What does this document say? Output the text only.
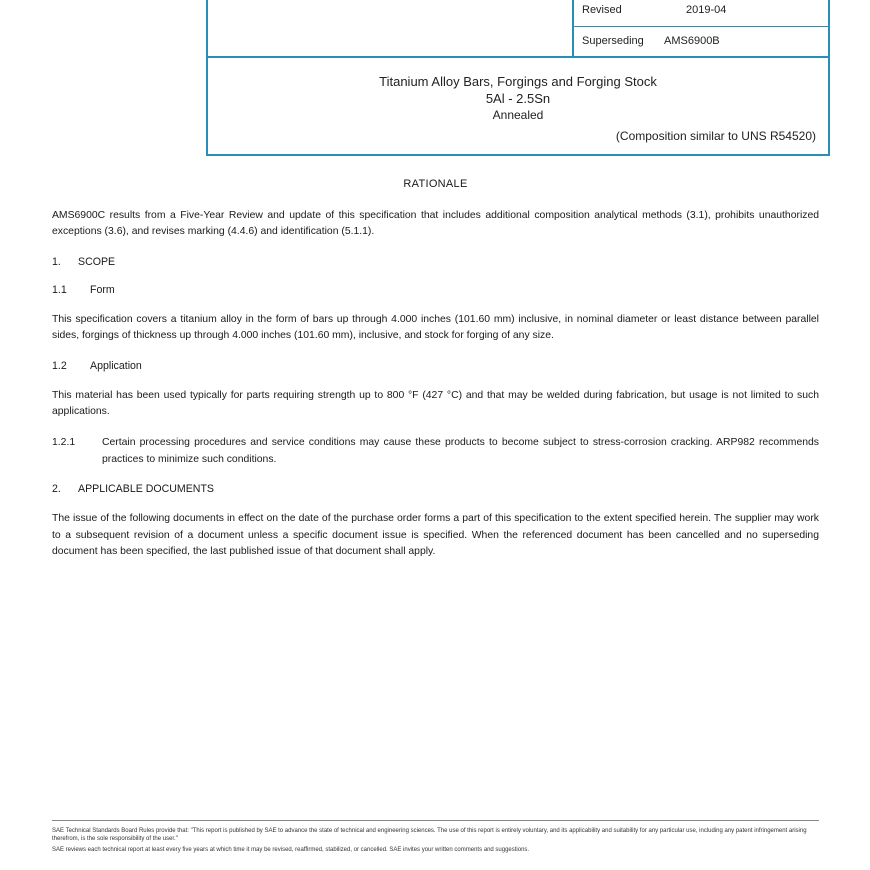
Revised	2019-04
Superseding AMS6900B
Titanium Alloy Bars, Forgings and Forging Stock
5Al - 2.5Sn
Annealed
(Composition similar to UNS R54520)
RATIONALE

AMS6900C results from a Five-Year Review and update of this specification that includes additional composition analytical methods (3.1), prohibits unauthorized exceptions (3.6), and revises marking (4.4.6) and identification (5.1.1).

1.	SCOPE
1.1	Form

This specification covers a titanium alloy in the form of bars up through 4.000 inches (101.60 mm) inclusive, in nominal diameter or least distance between parallel sides, forgings of thickness up through 4.000 inches (101.60 mm), inclusive, and stock for forging of any size.

1.2	Application

This material has been used typically for parts requiring strength up to 800 °F (427 °C) and that may be welded during fabrication, but usage is not limited to such applications.

1.2.1	Certain processing procedures and service conditions may cause these products to become subject to stress-corrosion cracking. ARP982 recommends practices to minimize such conditions.
2.	APPLICABLE DOCUMENTS

The issue of the following documents in effect on the date of the purchase order forms a part of this specification to the extent specified herein. The supplier may work to a subsequent revision of a document unless a specific document issue is specified. When the referenced document has been cancelled and no superseding document has been specified, the last published issue of that document shall apply.

SAE Technical Standards Board Rules provide that: "This report is published by SAE to advance the state of technical and engineering sciences. The use of this report is entirely voluntary, and its applicability and suitability for any particular use, including any patent infringement arising therefrom, is the sole responsibility of the user."

SAE reviews each technical report at least every five years at which time it may be revised, reaffirmed, stabilized, or cancelled. SAE invites your written comments and suggestions.
